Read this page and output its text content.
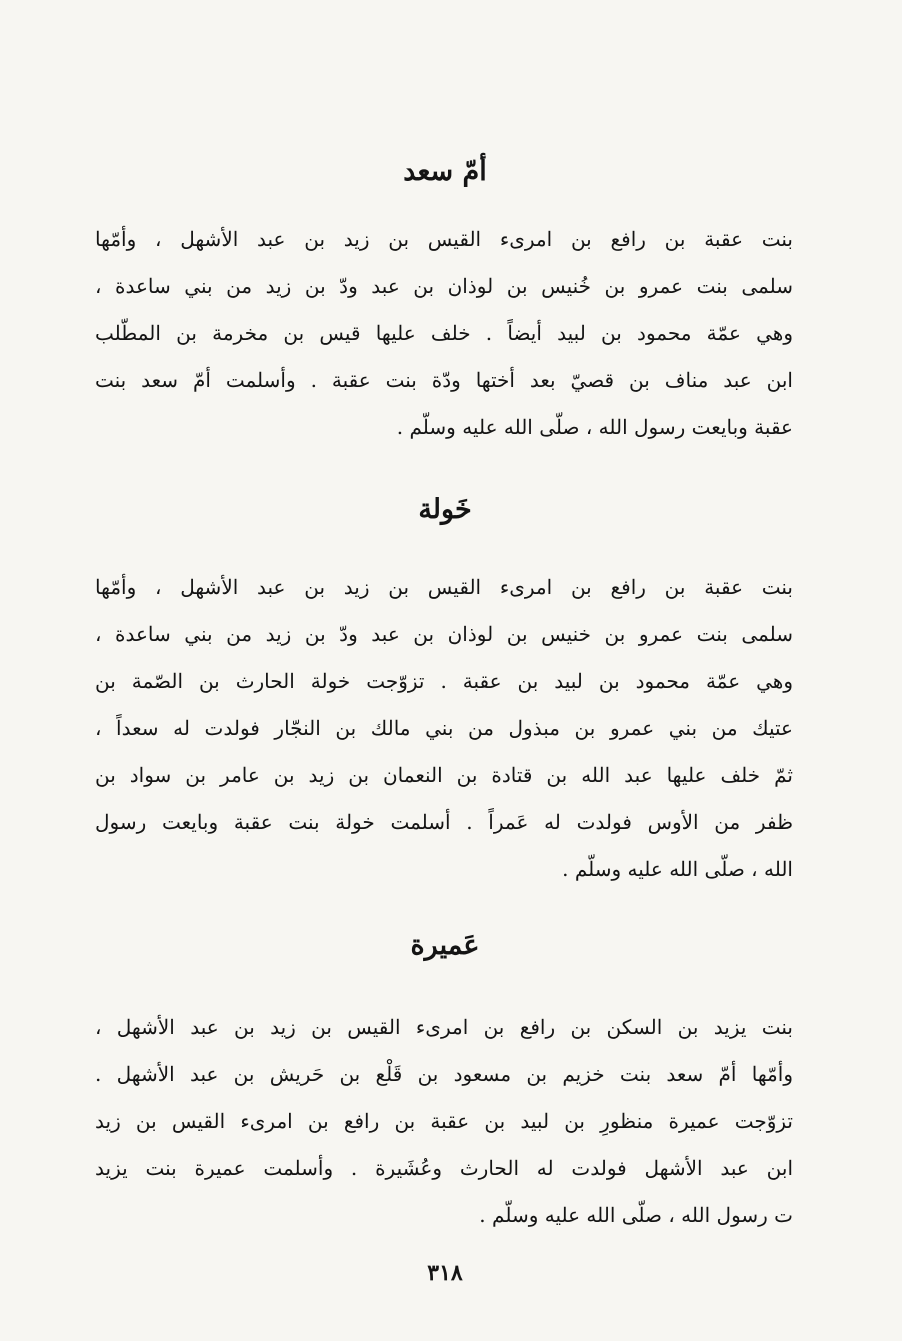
أمّ سعد
بنت عقبة بن رافع بن امرىء القيس بن زيد بن عبد الأشهل ، وأمّها
سلمى بنت عمرو بن خُنيس بن لوذان بن عبد ودّ بن زيد من بني ساعدة ،
وهي عمّة محمود بن لبيد أيضاً . خلف عليها قيس بن مخرمة بن المطّلب
ابن عبد مناف بن قصيّ بعد أختها ودّة بنت عقبة . وأسلمت أمّ سعد بنت
عقبة وبايعت رسول الله ، صلّى الله عليه وسلّم .
خَولة
بنت عقبة بن رافع بن امرىء القيس بن زيد بن عبد الأشهل ، وأمّها
سلمى بنت عمرو بن خنيس بن لوذان بن عبد ودّ بن زيد من بني ساعدة ،
وهي عمّة محمود بن لبيد بن عقبة . تزوّجت خولة الحارث بن الصّمة بن
عتيك من بني عمرو بن مبذول من بني مالك بن النجّار فولدت له سعداً ،
ثمّ خلف عليها عبد الله بن قتادة بن النعمان بن زيد بن عامر بن سواد بن
ظفر من الأوس فولدت له عَمراً . أسلمت خولة بنت عقبة وبايعت رسول
الله ، صلّى الله عليه وسلّم .
عَميرة
بنت يزيد بن السكن بن رافع بن امرىء القيس بن زيد بن عبد الأشهل ،
وأمّها أمّ سعد بنت خزيم بن مسعود بن قَلْع بن حَريش بن عبد الأشهل .
تزوّجت عميرة منظورِ بن لبيد بن عقبة بن رافع بن امرىء القيس بن زيد
ابن عبد الأشهل فولدت له الحارث وعُشَيرة . وأسلمت عميرة بنت يزيد
ت رسول الله ، صلّى الله عليه وسلّم .
٣١٨
